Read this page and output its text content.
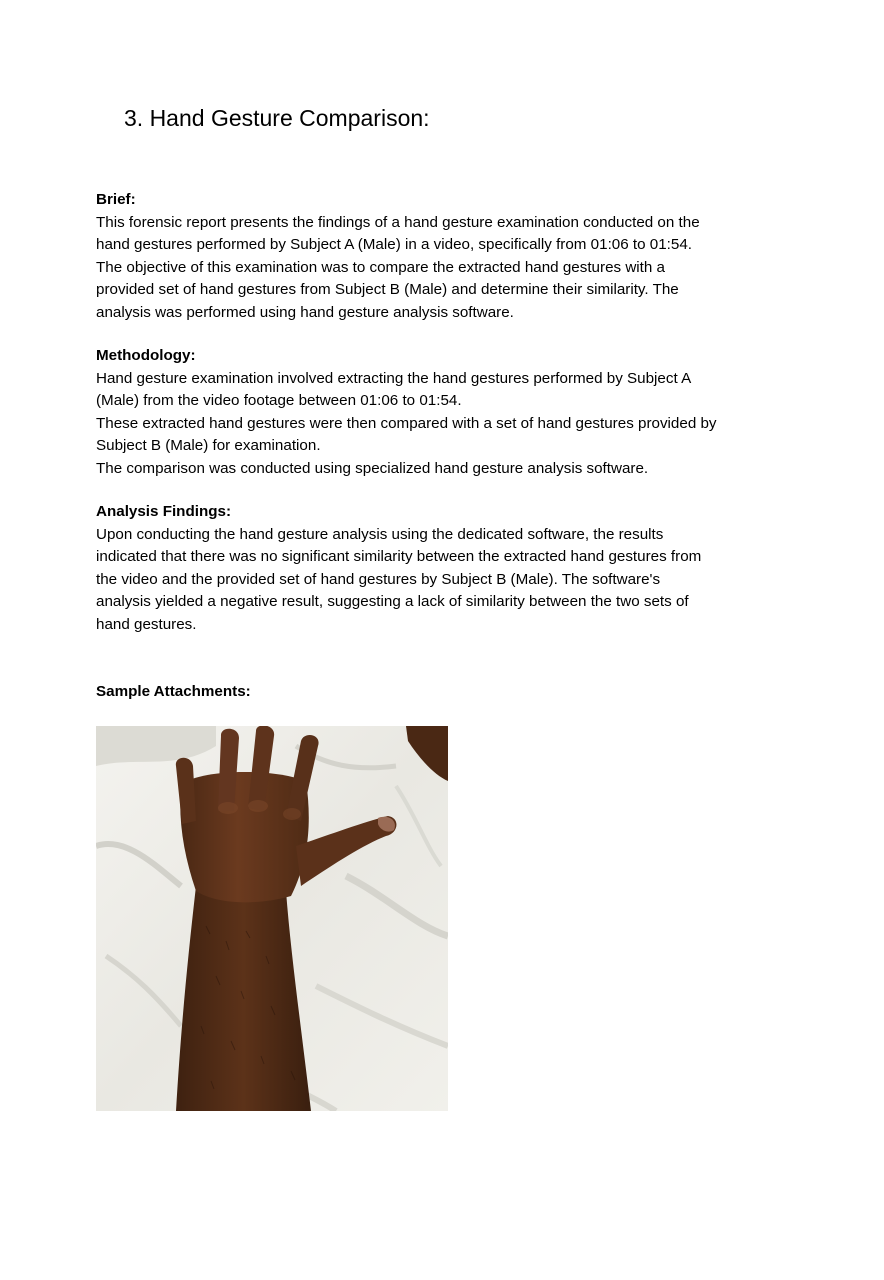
3. Hand Gesture Comparison:
Brief:
This forensic report presents the findings of a hand gesture examination conducted on the
hand gestures performed by Subject A (Male) in a video, specifically from 01:06 to 01:54.
The objective of this examination was to compare the extracted hand gestures with a
provided set of hand gestures from Subject B (Male) and determine their similarity. The
analysis was performed using hand gesture analysis software.
Methodology:
Hand gesture examination involved extracting the hand gestures performed by Subject A
(Male) from the video footage between 01:06 to 01:54.
These extracted hand gestures were then compared with a set of hand gestures provided by
Subject B (Male) for examination.
The comparison was conducted using specialized hand gesture analysis software.
Analysis Findings:
Upon conducting the hand gesture analysis using the dedicated software, the results
indicated that there was no significant similarity between the extracted hand gestures from
the video and the provided set of hand gestures by Subject B (Male). The software's
analysis yielded a negative result, suggesting a lack of similarity between the two sets of
hand gestures.
Sample Attachments:
